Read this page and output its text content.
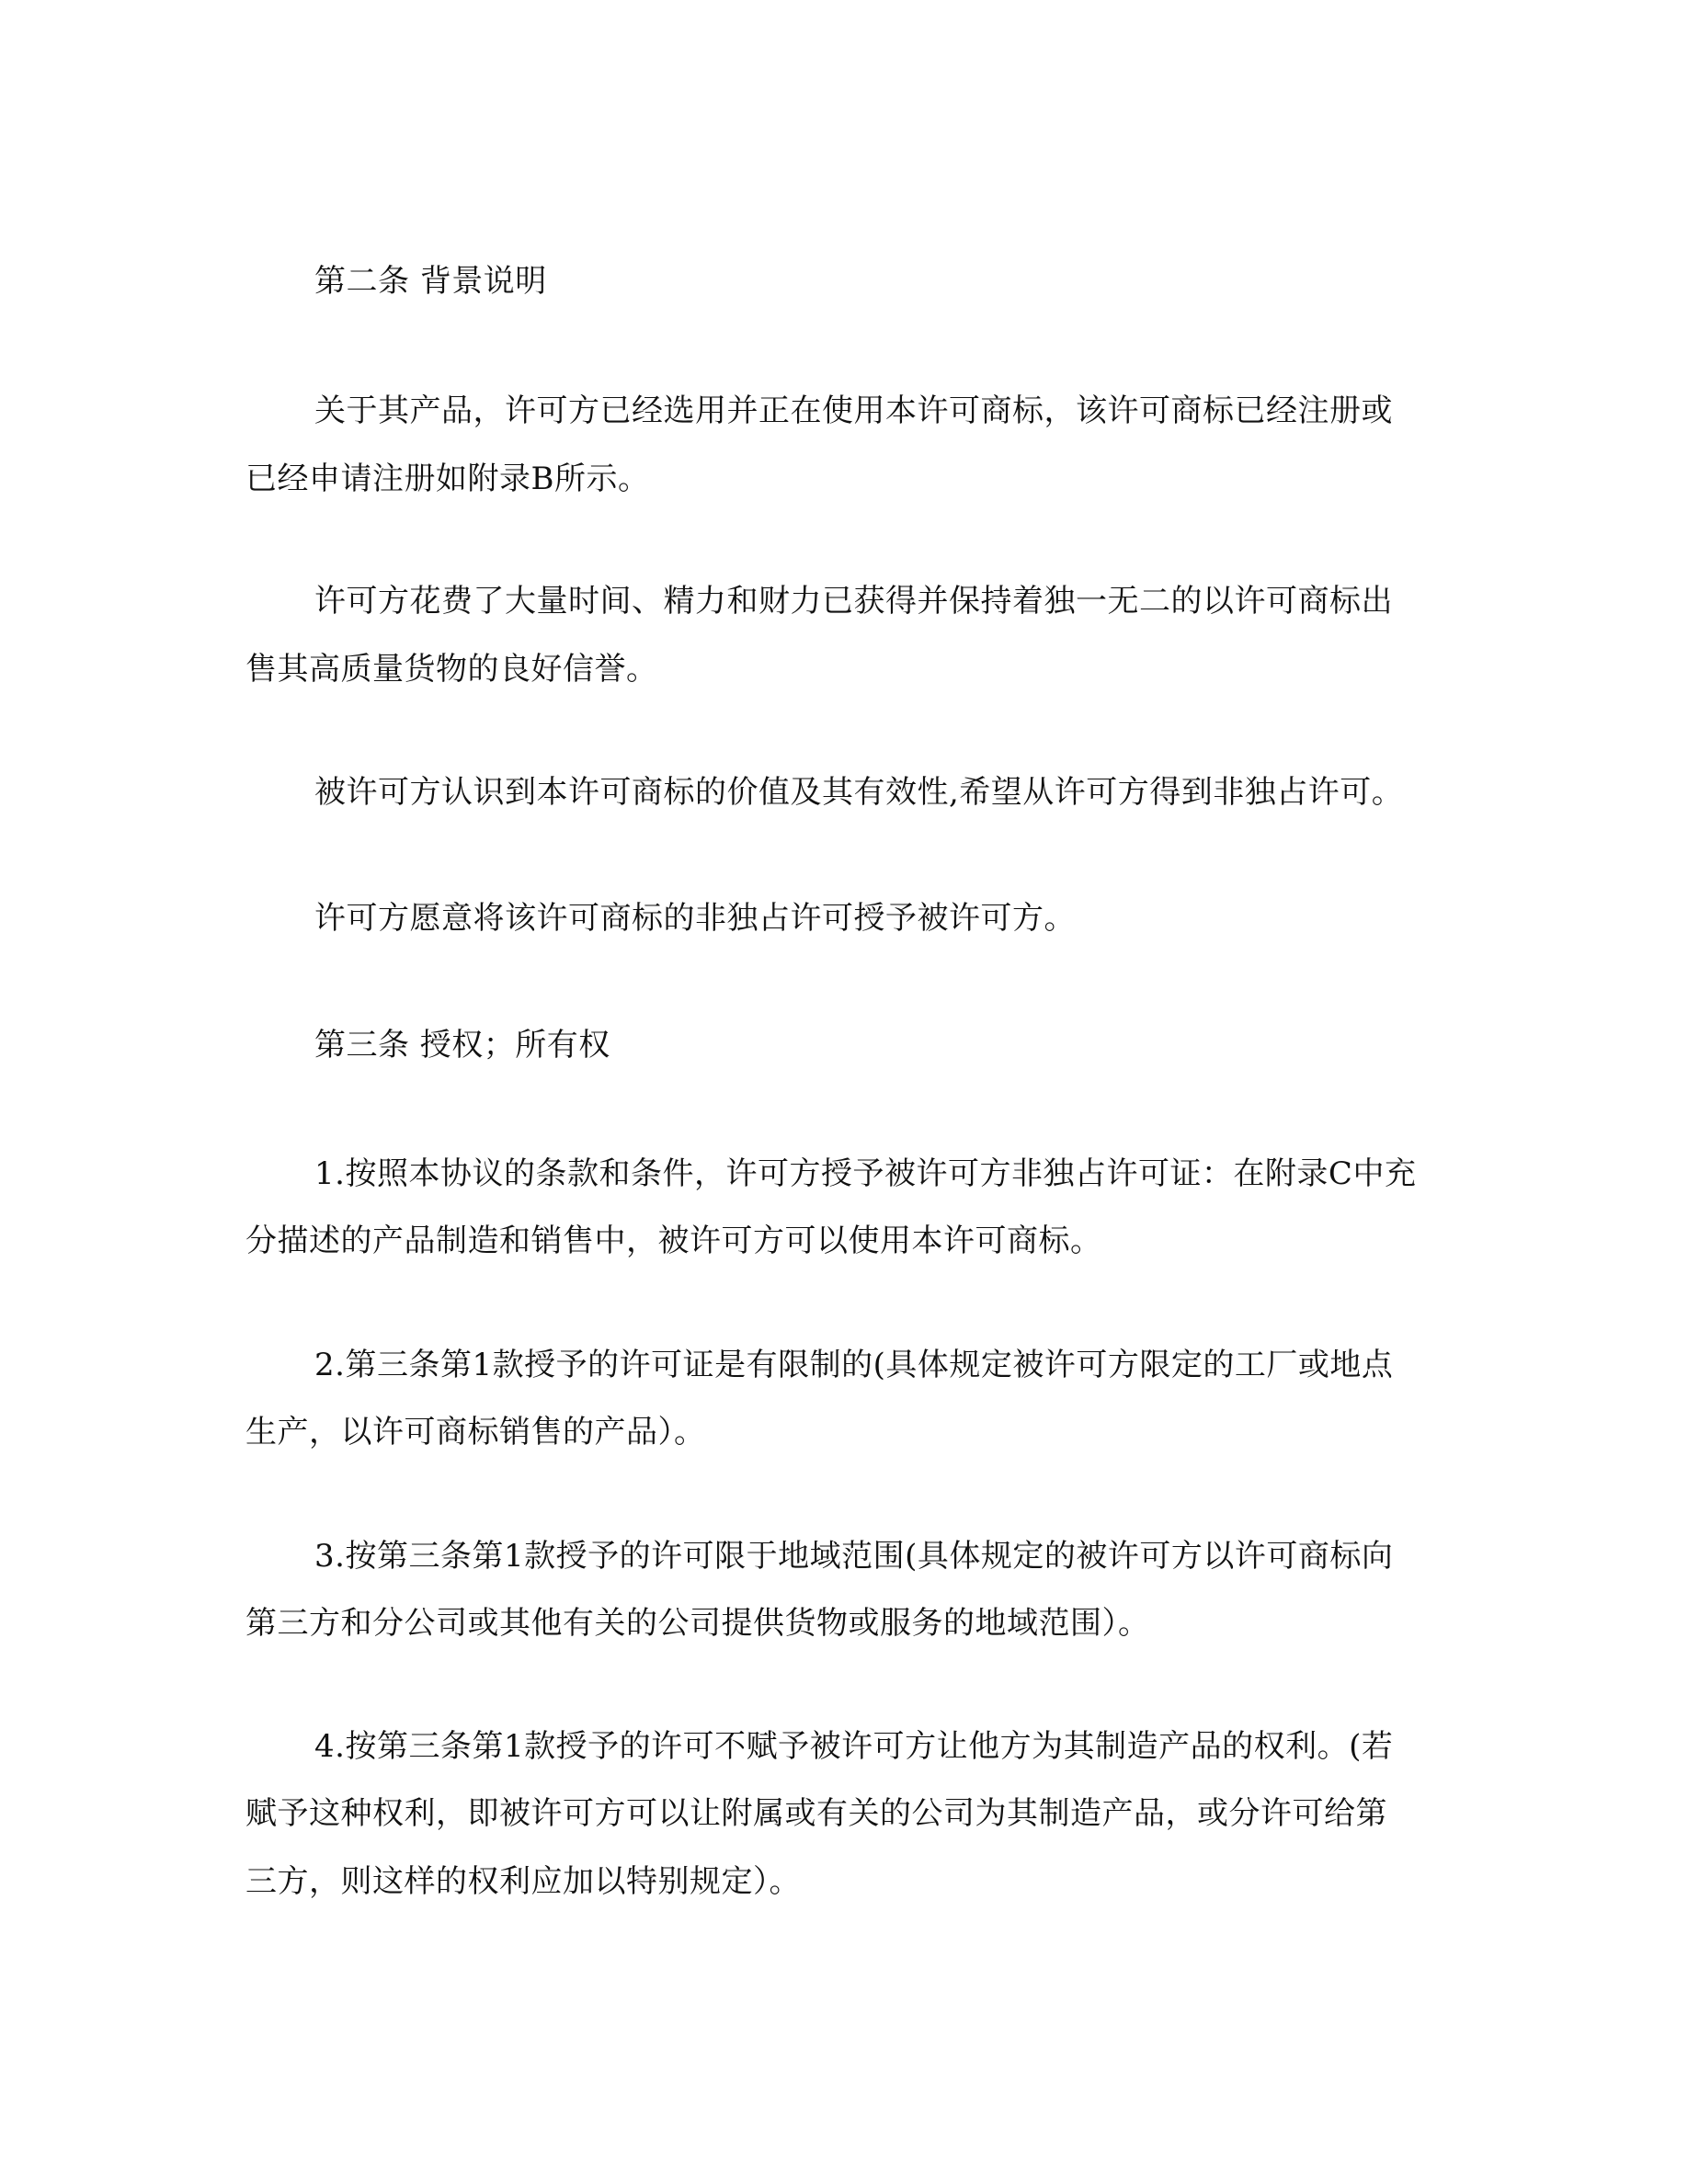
第二条 背景说明

关于其产品，许可方已经选用并正在使用本许可商标，该许可商标已经注册或

已经申请注册如附录B所示。

许可方花费了大量时间、精力和财力已获得并保持着独一无二的以许可商标出

售其高质量货物的良好信誉。

被许可方认识到本许可商标的价值及其有效性,希望从许可方得到非独占许可。

许可方愿意将该许可商标的非独占许可授予被许可方。

第三条 授权；所有权

1.按照本协议的条款和条件，许可方授予被许可方非独占许可证：在附录C中充

分描述的产品制造和销售中，被许可方可以使用本许可商标。

2.第三条第1款授予的许可证是有限制的(具体规定被许可方限定的工厂或地点

生产，以许可商标销售的产品）。

3.按第三条第1款授予的许可限于地域范围(具体规定的被许可方以许可商标向

第三方和分公司或其他有关的公司提供货物或服务的地域范围）。

4.按第三条第1款授予的许可不赋予被许可方让他方为其制造产品的权利。(若

赋予这种权利，即被许可方可以让附属或有关的公司为其制造产品，或分许可给第

三方，则这样的权利应加以特别规定）。
